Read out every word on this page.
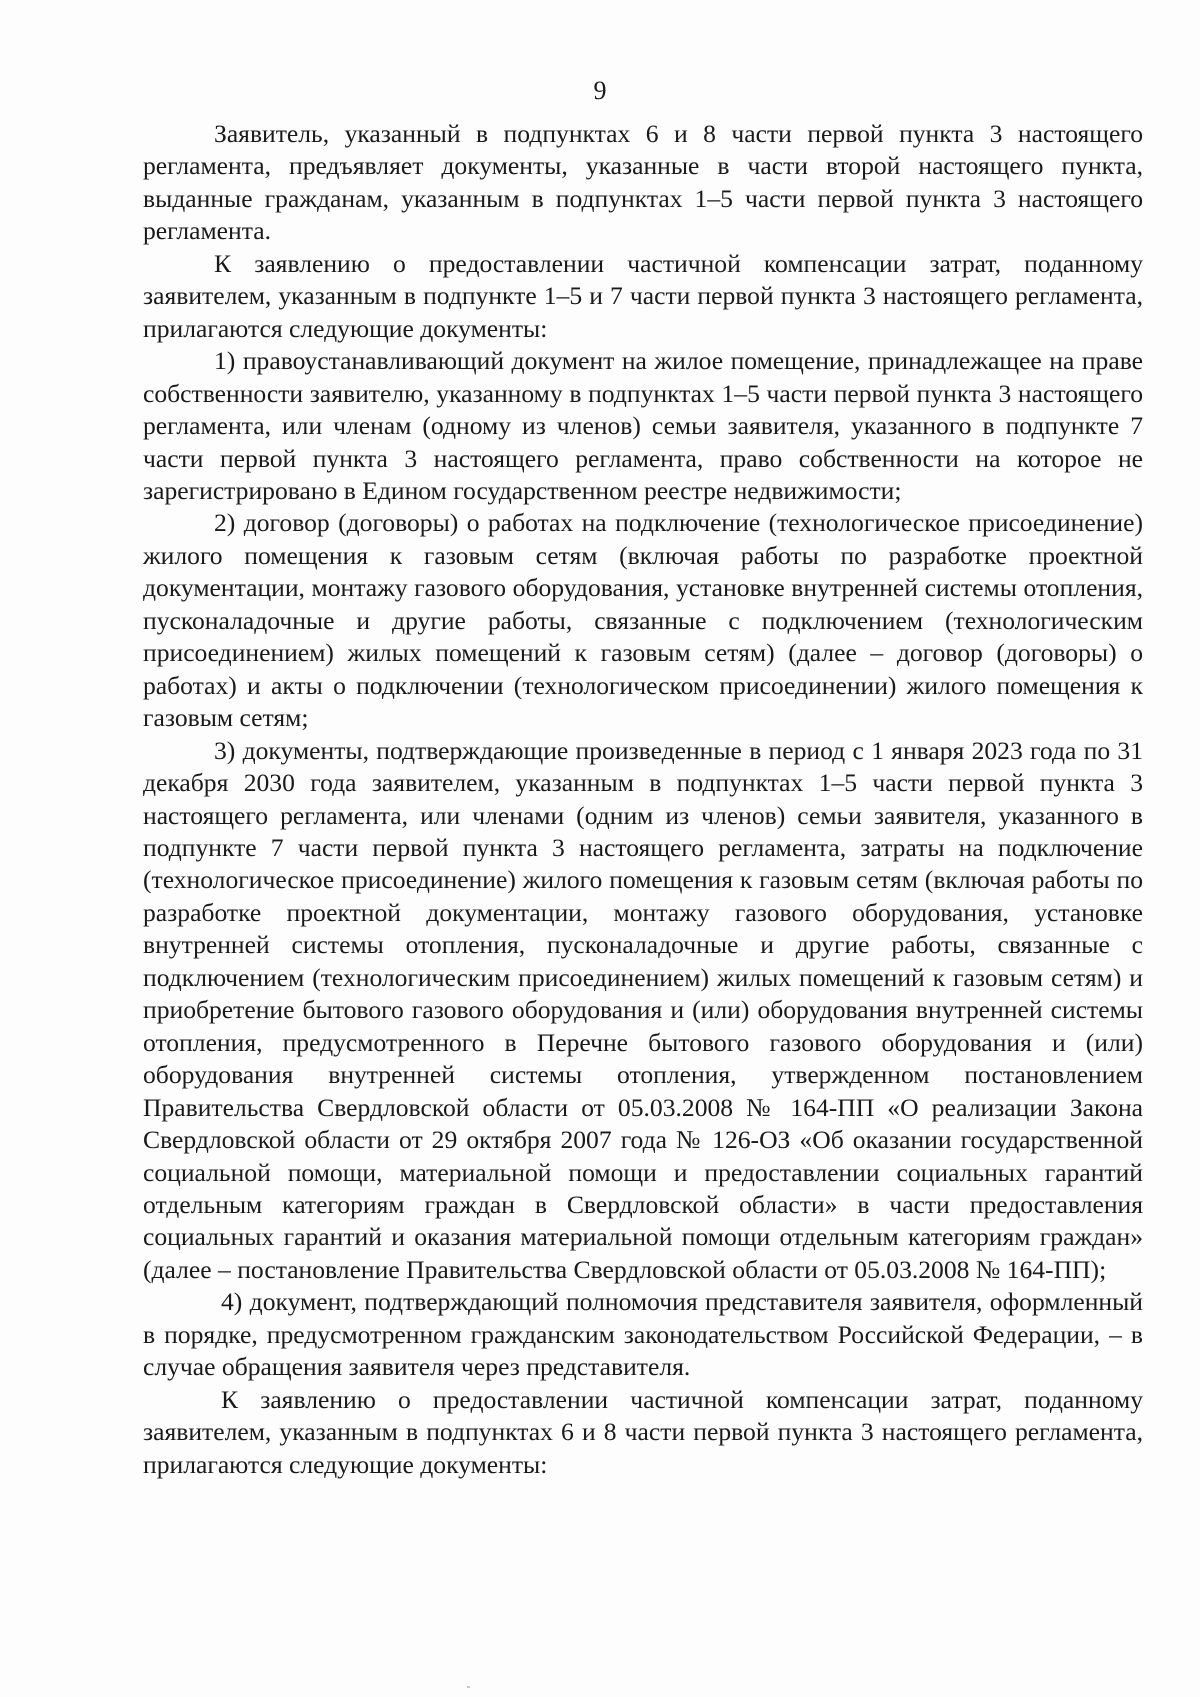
9

Заявитель, указанный в подпунктах 6 и 8 части первой пункта 3 настоящего регламента, предъявляет документы, указанные в части второй настоящего пункта, выданные гражданам, указанным в подпунктах 1–5 части первой пункта 3 настоящего регламента.

К заявлению о предоставлении частичной компенсации затрат, поданному заявителем, указанным в подпункте 1–5 и 7 части первой пункта 3 настоящего регламента, прилагаются следующие документы:

1) правоустанавливающий документ на жилое помещение, принадлежащее на праве собственности заявителю, указанному в подпунктах 1–5 части первой пункта 3 настоящего регламента, или членам (одному из членов) семьи заявителя, указанного в подпункте 7 части первой пункта 3 настоящего регламента, право собственности на которое не зарегистрировано в Едином государственном реестре недвижимости;

2) договор (договоры) о работах на подключение (технологическое присоединение) жилого помещения к газовым сетям (включая работы по разработке проектной документации, монтажу газового оборудования, установке внутренней системы отопления, пусконаладочные и другие работы, связанные с подключением (технологическим присоединением) жилых помещений к газовым сетям) (далее – договор (договоры) о работах) и акты о подключении (технологическом присоединении) жилого помещения к газовым сетям;

3) документы, подтверждающие произведенные в период с 1 января 2023 года по 31 декабря 2030 года заявителем, указанным в подпунктах 1–5 части первой пункта 3 настоящего регламента, или членами (одним из членов) семьи заявителя, указанного в подпункте 7 части первой пункта 3 настоящего регламента, затраты на подключение (технологическое присоединение) жилого помещения к газовым сетям (включая работы по разработке проектной документации, монтажу газового оборудования, установке внутренней системы отопления, пусконаладочные и другие работы, связанные с подключением (технологическим присоединением) жилых помещений к газовым сетям) и приобретение бытового газового оборудования и (или) оборудования внутренней системы отопления, предусмотренного в Перечне бытового газового оборудования и (или) оборудования внутренней системы отопления, утвержденном постановлением Правительства Свердловской области от 05.03.2008 № 164-ПП «О реализации Закона Свердловской области от 29 октября 2007 года № 126-ОЗ «Об оказании государственной социальной помощи, материальной помощи и предоставлении социальных гарантий отдельным категориям граждан в Свердловской области» в части предоставления социальных гарантий и оказания материальной помощи отдельным категориям граждан» (далее – постановление Правительства Свердловской области от 05.03.2008 № 164-ПП);

4) документ, подтверждающий полномочия представителя заявителя, оформленный в порядке, предусмотренном гражданским законодательством Российской Федерации, – в случае обращения заявителя через представителя.

К заявлению о предоставлении частичной компенсации затрат, поданному заявителем, указанным в подпунктах 6 и 8 части первой пункта 3 настоящего регламента, прилагаются следующие документы:
